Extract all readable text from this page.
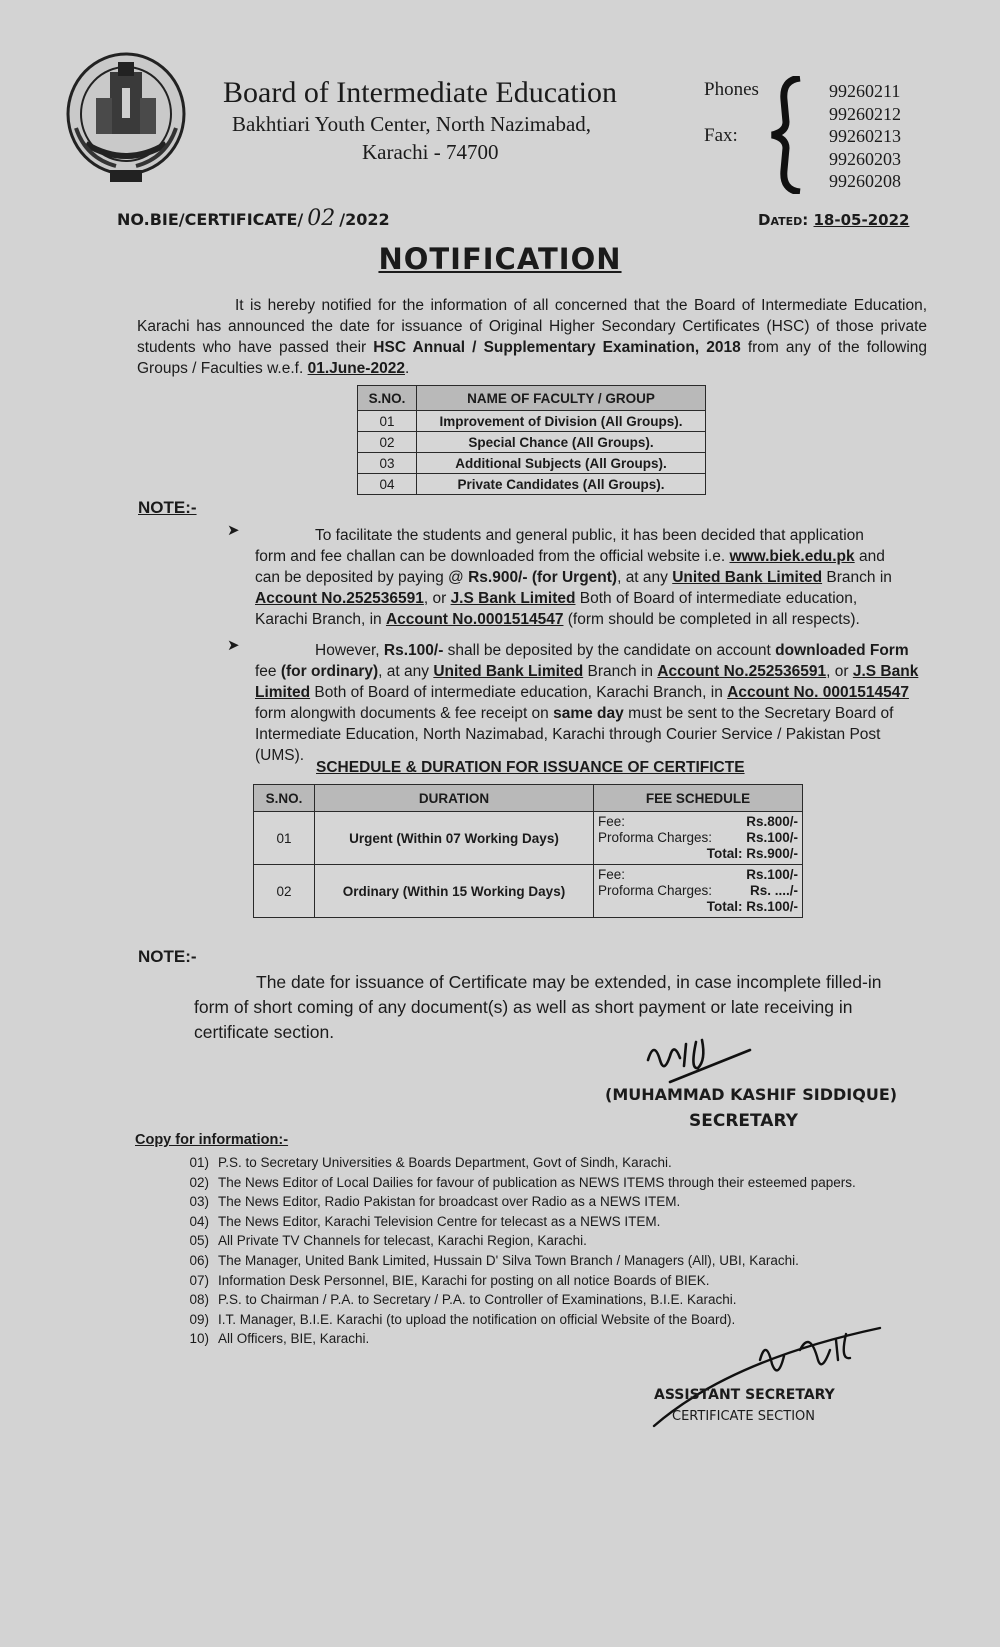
Board of Intermediate Education
Bakhtiari Youth Center, North Nazimabad,
Karachi - 74700
Phones
Fax:
99260211
99260212
99260213
99260203
99260208
NO.BIE/CERTIFICATE/ 02 /2022	Dated: 18-05-2022
NOTIFICATION
It is hereby notified for the information of all concerned that the Board of Intermediate Education, Karachi has announced the date for issuance of Original Higher Secondary Certificates (HSC) of those private students who have passed their HSC Annual / Supplementary Examination, 2018 from any of the following Groups / Faculties w.e.f. 01.June-2022.
S.NO.	NAME OF FACULTY / GROUP
01	Improvement of Division (All Groups).
02	Special Chance (All Groups).
03	Additional Subjects (All Groups).
04	Private Candidates (All Groups).
NOTE:-
➤	To facilitate the students and general public, it has been decided that application form and fee challan can be downloaded from the official website i.e. www.biek.edu.pk and can be deposited by paying @ Rs.900/- (for Urgent), at any United Bank Limited Branch in Account No.252536591, or J.S Bank Limited Both of Board of intermediate education, Karachi Branch, in Account No.0001514547 (form should be completed in all respects).
➤	However, Rs.100/- shall be deposited by the candidate on account downloaded Form fee (for ordinary), at any United Bank Limited Branch in Account No.252536591, or J.S Bank Limited Both of Board of intermediate education, Karachi Branch, in Account No. 0001514547 form alongwith documents & fee receipt on same day must be sent to the Secretary Board of Intermediate Education, North Nazimabad, Karachi through Courier Service / Pakistan Post (UMS).
SCHEDULE & DURATION FOR ISSUANCE OF CERTIFICTE
S.NO.	DURATION	FEE SCHEDULE
01	Urgent (Within 07 Working Days)	Fee: Rs.800/-
Proforma Charges: Rs.100/-
Total: Rs.900/-

02	Ordinary (Within 15 Working Days)	Fee: Rs.100/-
Proforma Charges: Rs. ..../-
Total: Rs.100/-
NOTE:-
The date for issuance of Certificate may be extended, in case incomplete filled-in form of short coming of any document(s) as well as short payment or late receiving in certificate section.
(MUHAMMAD KASHIF SIDDIQUE)
SECRETARY
Copy for information:-
01) P.S. to Secretary Universities & Boards Department, Govt of Sindh, Karachi.
02) The News Editor of Local Dailies for favour of publication as NEWS ITEMS through their esteemed papers.
03) The News Editor, Radio Pakistan for broadcast over Radio as a NEWS ITEM.
04) The News Editor, Karachi Television Centre for telecast as a NEWS ITEM.
05) All Private TV Channels for telecast, Karachi Region, Karachi.
06) The Manager, United Bank Limited, Hussain D' Silva Town Branch / Managers (All), UBI, Karachi.
07) Information Desk Personnel, BIE, Karachi for posting on all notice Boards of BIEK.
08) P.S. to Chairman / P.A. to Secretary / P.A. to Controller of Examinations, B.I.E. Karachi.
09) I.T. Manager, B.I.E. Karachi (to upload the notification on official Website of the Board).
10) All Officers, BIE, Karachi.
ASSISTANT SECRETARY
CERTIFICATE SECTION
